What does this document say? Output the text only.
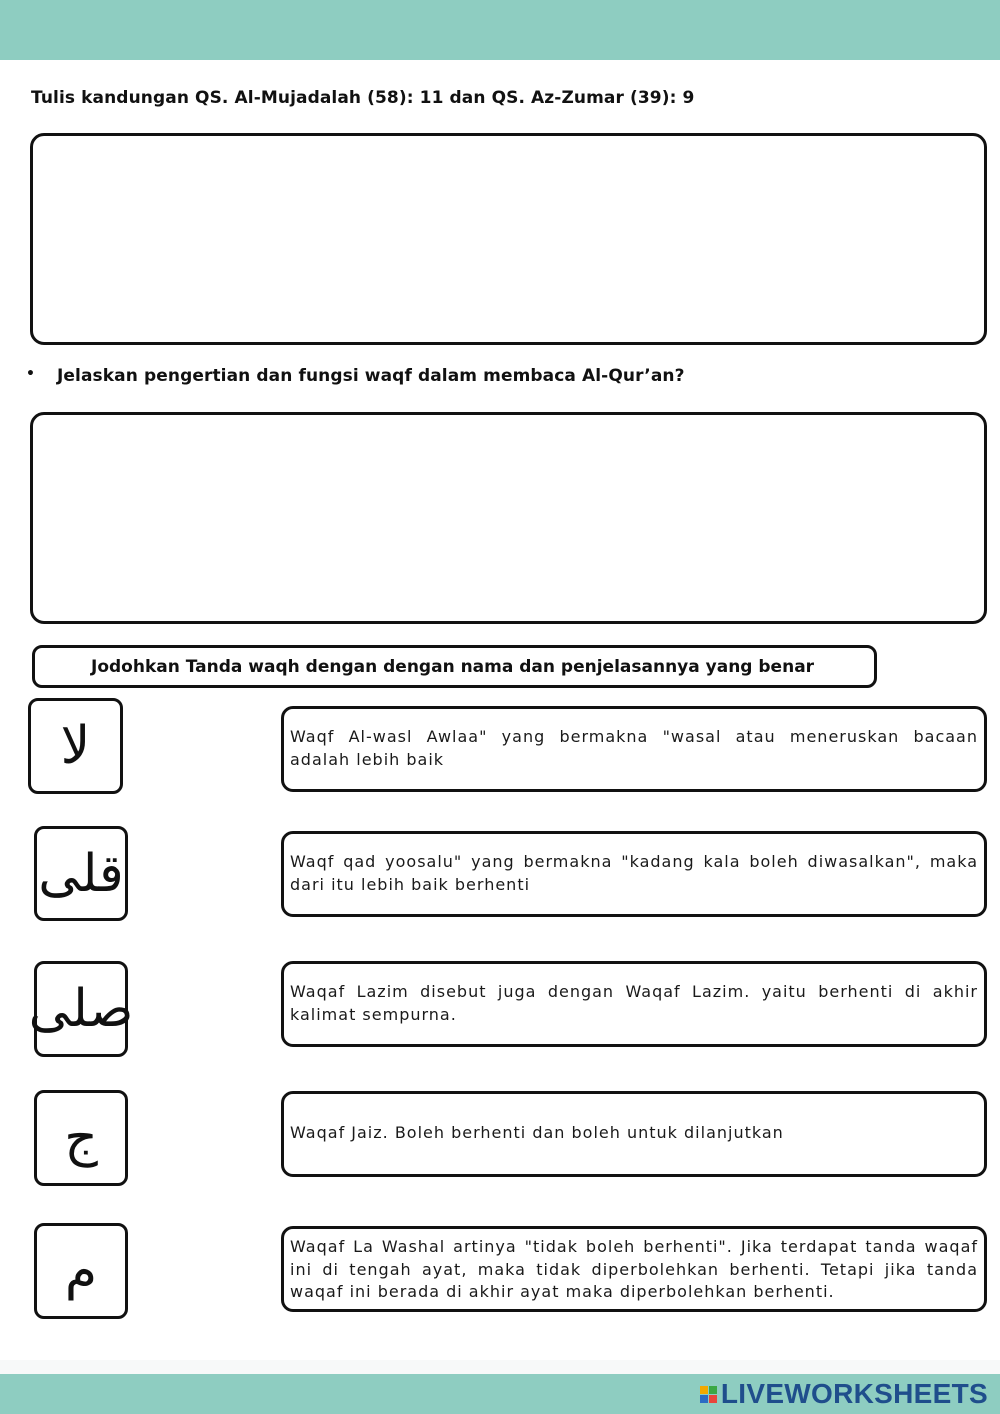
Tulis kandungan QS. Al-Mujadalah (58): 11 dan QS. Az-Zumar (39): 9
• Jelaskan pengertian dan fungsi waqf dalam membaca Al-Qur’an?
Jodohkan Tanda waqh dengan dengan nama dan penjelasannya yang benar
لا
قلى
صلى
ج
م
Waqf Al-wasl Awlaa" yang bermakna "wasal atau meneruskan bacaan adalah lebih baik
Waqf qad yoosalu" yang bermakna "kadang kala boleh diwasalkan", maka dari itu lebih baik berhenti
Waqaf Lazim disebut juga dengan Waqaf Lazim. yaitu berhenti di akhir kalimat sempurna.
Waqaf Jaiz. Boleh berhenti dan boleh untuk dilanjutkan
Waqaf La Washal artinya "tidak boleh berhenti". Jika terdapat tanda waqaf ini di tengah ayat, maka tidak diperbolehkan berhenti. Tetapi jika tanda waqaf ini berada di akhir ayat maka diperbolehkan berhenti.
LIVEWORKSHEETS
